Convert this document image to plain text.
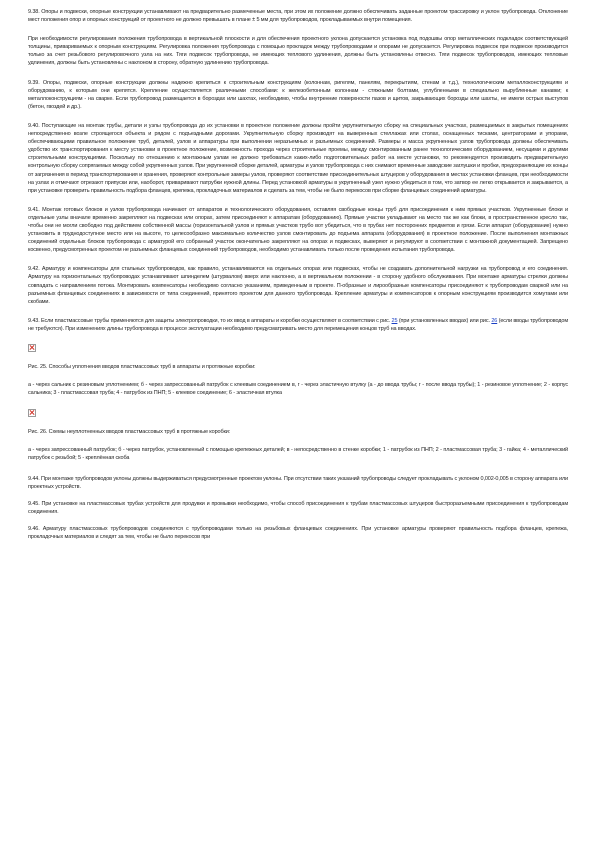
9.38. Опоры и подвески, опорные конструкции устанавливают на предварительно размеченные места, при этом их положение должно обеспечивать заданные проектом трассировку и уклон трубопровода. Отклонение мест положения опор и опорных конструкций от проектного не должно превышать в плане ± 5 мм для трубопроводов, прокладываемых внутри помещения.

При необходимости регулирования положения трубопровода в вертикальной плоскости и для обеспечения проектного уклона допускается установка под подошвы опор металлических подкладок соответствующей толщины, привариваемых к опорным конструкциям. Регулировка положения трубопровода с помощью прокладок между трубопроводами и опорами не допускается. Регулировка подвесок при подвеске производится только за счет резьбового регулировочного узла на них. Тяги подвесок трубопровода, не имеющих теплового удлинения, должны быть установлены отвесно. Тяги подвесок трубопроводов, имеющих тепловые удлинения, должны быть установлены с наклоном в сторону, обратную удлинению трубопровода.

9.39. Опоры, подвески, опорные конструкции должны надежно крепиться к строительным конструкциям (колоннам, ригелям, панелям, перекрытиям, стенам и т.д.), технологическим металлоконструкциям и оборудованию, к которым они крепятся. Крепление осуществляется различными способами: к железобетонным колоннам - стяжными болтами, углубленными в специально вырубленные канавки; к металлоконструкциям - на сварке. Если трубопровод размещается в бороздах или шахтах, необходимо, чтобы внутренние поверхности пазов и щитов, закрывающих борозды или шахты, не имели острых выступов (бетон, гвоздей и др.).

9.40. Поступающие на монтаж трубы, детали и узлы трубопровода до их установки в проектное положение должны пройти укрупнительную сборку на специальных участках, размещаемых в закрытых помещениях непосредственно возле строящегося объекта и рядом с подъездными дорогами. Укрупнительную сборку производят на выверенных стеллажах или столах, оснащенных тисками, центраторами и упорами, обеспечивающими правильное положение труб, деталей, узлов и аппаратуры при выполнении неразъемных и разъемных соединений. Размеры и масса укрупненных узлов трубопровода должны обеспечивать удобство их транспортирования к месту установки в проектное положение, возможность прохода через строительные проемы, между смонтированным ранее технологическим оборудованием, несущими и другими строительными конструкциями. Поскольку по отношению к монтажным узлам не должно требоваться каких-либо подготовительных работ на месте установки, то рекомендуется производить предварительную контрольную сборку сопрягаемых между собой укрупненных узлов. При укрупненной сборке деталей, арматуры и узлов трубопровода с них снимают временные заводские заглушки и пробки, предохраняющие их концы от загрязнения в период транспортирования и хранения, проверяют контрольные замеры узлов, проверяют соответствие присоединительных штуцеров у оборудования в местах установки фланцев, при необходимости на узлах и отмечают отрезают припуски или, наоборот, приваривают патрубки нужной длины. Перед установкой арматуры в укрупненный узел нужно убедиться в том, что затвор ее легко открывается и закрывается, а при установке проверить правильность подбора фланцев, крепежа, прокладочных материалов и сделать за тем, чтобы не было перекосов при сборке фланцевых соединений арматуры.

9.41. Монтаж готовых блоков и узлов трубопровода начинают от аппаратов и технологического оборудования, оставляя свободные концы труб для присоединения к ним прямых участков. Укрупненные блоки и отдельные узлы вначале временно закрепляют на подвесках или опорах, затем присоединяют к аппаратам (оборудованию). Прямые участки укладывают на место так же как блоки, в пространственное кресло так, чтобы они не могли свободно под действием собственной массы (горизонтальной узлов и прямых участков трубо вот убедиться, что в трубах нет посторонних предметов и грязи. Если аппарат (оборудование) нужно установить в труднодоступное место или на высоте, то целесообразно максимально количество узлов смонтировать до подъема аппарата (оборудования) в проектное положение. После выполнения монтажных соединений отдельных блоков трубопровода с арматурой его собранный участок окончательно закрепляют на опорах и подвесках, выверяют и регулируют в соответствии с монтажной документацией. Запрещено косвенно, предусмотренных проектом не разъемных фланцевых соединений трубопроводов, необходимо устанавливать только после проведения испытания трубопровода.

9.42. Арматуру и компенсаторы для стальных трубопроводов, как правило, устанавливаются на отдельных опорах или подвесках, чтобы не создавать дополнительной нагрузки на трубопровод и его соединения. Арматуру на горизонтальных трубопроводах устанавливают шпинделем (штурвалом) вверх или наклонно, а в вертикальном положении - в сторону удобного обслуживания. При монтаже арматуры стрелки должны совпадать с направлением потока. Монтировать компенсаторы необходимо согласно указаниям, приведенным в проекте. П-образные и лирообразные компенсаторы присоединяют к трубопроводам сваркой или на разъемных фланцевых соединениях в зависимости от типа соединений, принятого проектом для данного трубопровода. Крепление арматуры и компенсаторов к опорным конструкциям производится хомутами или скобами.

9.43. Если пластмассовые трубы применяются для защиты электропроводки, то их ввод в аппараты и коробки осуществляют в соответствии с рис. 25 (при установленных вводах) или рис. 26 (если вводы трубопроводом не требуются). При изменениях длины трубопровода в процессе эксплуатации необходимо предусматривать место для перемещения концов труб на вводах.

Рис. 25. Способы уплотнения вводов пластмассовых труб в аппараты и протяжные коробки:

а - через сальник с резиновым уплотнением; б - через запрессованный патрубок с клеевым соединением в, г - через эластичную втулку (а - до ввода трубы; г - после ввода трубы); 1 - резиновое уплотнение; 2 - корпус сальника; 3 - пластмассовая труба; 4 - патрубок из ПНП; 5 - клеевое соединение; 6 - эластичная втулка

Рис. 26. Схемы неуплотненных вводов пластмассовых труб в протяжные коробки:

а - через запрессованный патрубок; б - через патрубок, установленный с помощью крепежных деталей; в - непосредственно в стенке коробки; 1 - патрубок из ПНП; 2 - пластмассовая труба; 3 - гайка; 4 - металлический патрубок с резьбой; 5 - креплённая скоба

9.44. При монтаже трубопроводов уклоны должны выдерживаться предусмотренные проектом уклоны. При отсутствии таких указаний трубопроводы следует прокладывать с уклоном 0,002-0,005 в сторону аппарата или проектных устройств.

9.45. При установке на пластмассовых трубах устройств для продувки и промывки необходимо, чтобы способ присоединения к трубам пластмассовых штуцеров быстроразъемными присоединения к трубопроводам соединения.

9.46. Арматуру пластмассовых трубопроводов соединяются с трубопроводами только на резьбовых фланцевых соединениях. При установке арматуры проверяют правильность подбора фланцев, крепежа, прокладочных материалов и следят за тем, чтобы не было перекосов при
